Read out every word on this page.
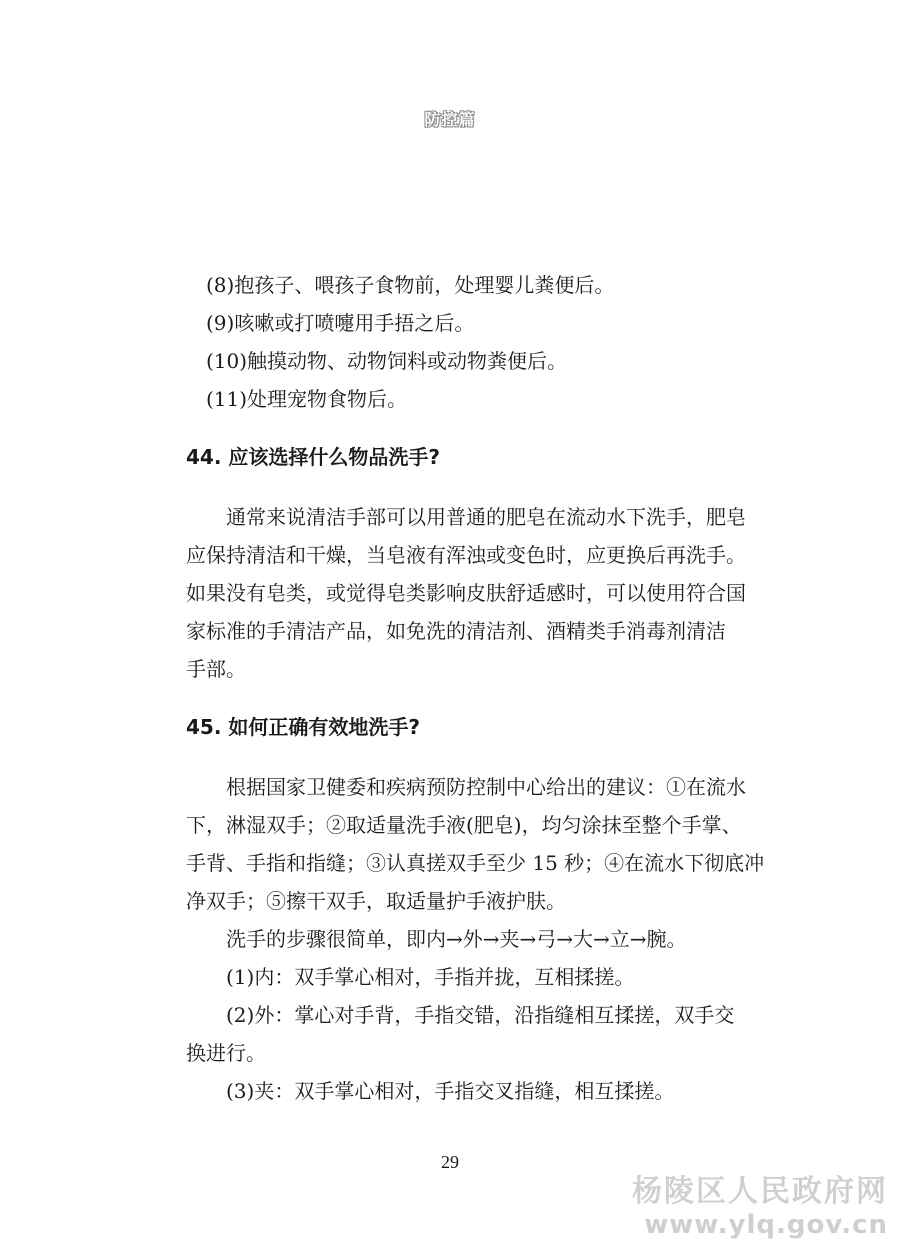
防控篇

(8)抱孩子、喂孩子食物前，处理婴儿粪便后。

(9)咳嗽或打喷嚏用手捂之后。

(10)触摸动物、动物饲料或动物粪便后。

(11)处理宠物食物后。

44. 应该选择什么物品洗手?

  通常来说清洁手部可以用普通的肥皂在流动水下洗手，肥皂

应保持清洁和干燥，当皂液有浑浊或变色时，应更换后再洗手。

如果没有皂类，或觉得皂类影响皮肤舒适感时，可以使用符合国

家标准的手清洁产品，如免洗的清洁剂、酒精类手消毒剂清洁

手部。

45. 如何正确有效地洗手?

  根据国家卫健委和疾病预防控制中心给出的建议：①在流水

下，淋湿双手；②取适量洗手液(肥皂)，均匀涂抹至整个手掌、

手背、手指和指缝；③认真搓双手至少 15 秒；④在流水下彻底冲

净双手；⑤擦干双手，取适量护手液护肤。

  洗手的步骤很简单，即内→外→夹→弓→大→立→腕。

  (1)内：双手掌心相对，手指并拢，互相揉搓。

  (2)外：掌心对手背，手指交错，沿指缝相互揉搓，双手交

换进行。

  (3)夹：双手掌心相对，手指交叉指缝，相互揉搓。

29
杨陵区人民政府网
www.ylq.gov.cn
